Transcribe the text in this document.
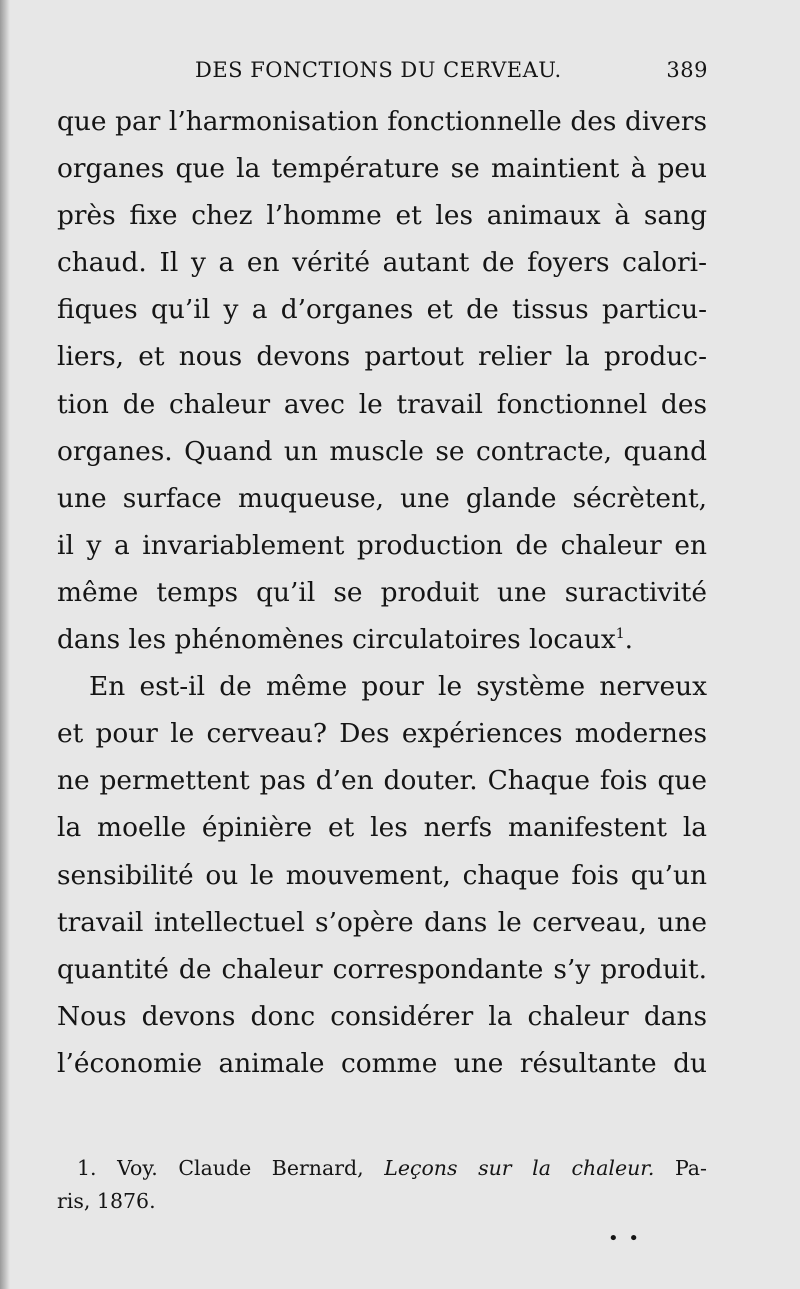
DES FONCTIONS DU CERVEAU.	389

que par l’harmonisation fonctionnelle des divers
organes que la température se maintient à peu
près fixe chez l’homme et les animaux à sang
chaud. Il y a en vérité autant de foyers calori-
fiques qu’il y a d’organes et de tissus particu-
liers, et nous devons partout relier la produc-
tion de chaleur avec le travail fonctionnel des
organes. Quand un muscle se contracte, quand
une surface muqueuse, une glande sécrètent,
il y a invariablement production de chaleur en
même temps qu’il se produit une suractivité
dans les phénomènes circulatoires locaux$^1$.

En est-il de même pour le système nerveux
et pour le cerveau? Des expériences modernes
ne permettent pas d’en douter. Chaque fois que
la moelle épinière et les nerfs manifestent la
sensibilité ou le mouvement, chaque fois qu’un
travail intellectuel s’opère dans le cerveau, une
quantité de chaleur correspondante s’y produit.
Nous devons donc considérer la chaleur dans
l’économie animale comme une résultante du

1. Voy. Claude Bernard, Leçons sur la chaleur. Pa-
ris, 1876.
• •
